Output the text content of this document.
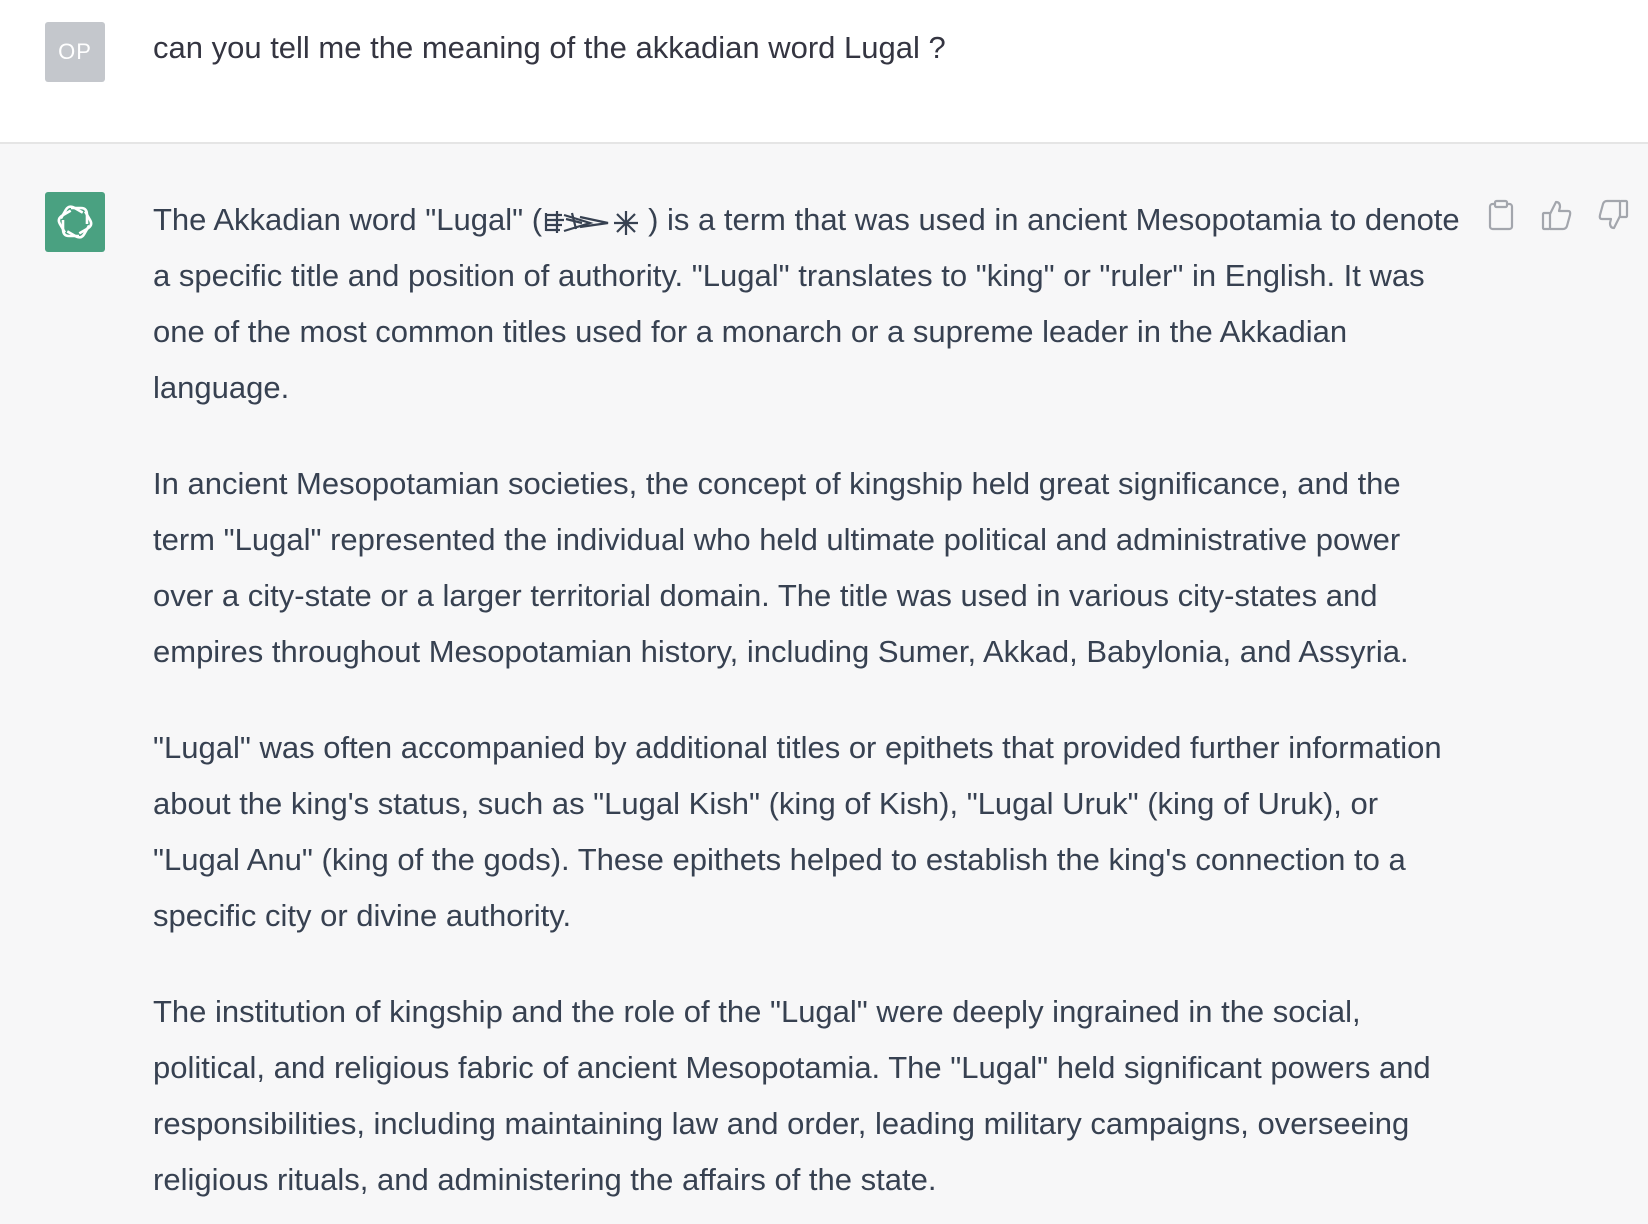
OP	can you tell me the meaning of the akkadian word Lugal ?

The Akkadian word "Lugal" (	) is a term that was used in ancient Mesopotamia to denote a specific title and position of authority. "Lugal" translates to "king" or "ruler" in English. It was one of the most common titles used for a monarch or a supreme leader in the Akkadian language.

In ancient Mesopotamian societies, the concept of kingship held great significance, and the term "Lugal" represented the individual who held ultimate political and administrative power over a city-state or a larger territorial domain. The title was used in various city-states and empires throughout Mesopotamian history, including Sumer, Akkad, Babylonia, and Assyria.

"Lugal" was often accompanied by additional titles or epithets that provided further information about the king's status, such as "Lugal Kish" (king of Kish), "Lugal Uruk" (king of Uruk), or "Lugal Anu" (king of the gods). These epithets helped to establish the king's connection to a specific city or divine authority.

The institution of kingship and the role of the "Lugal" were deeply ingrained in the social, political, and religious fabric of ancient Mesopotamia. The "Lugal" held significant powers and responsibilities, including maintaining law and order, leading military campaigns, overseeing religious rituals, and administering the affairs of the state.
